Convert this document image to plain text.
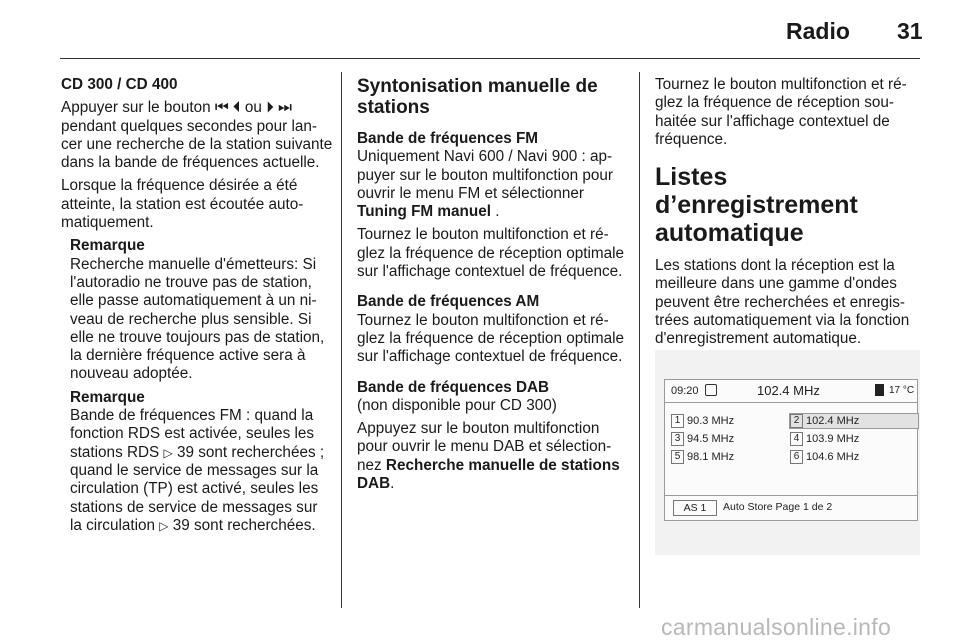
Radio 31

CD 300 / CD 400

Appuyer sur le bouton ⏮ ⏴ ou ⏵ ⏭ pendant quelques secondes pour lancer une recherche de la station suivante dans la bande de fréquences actuelle.

Lorsque la fréquence désirée a été atteinte, la station est écoutée automatiquement.

Remarque

Recherche manuelle d'émetteurs: Si l'autoradio ne trouve pas de station, elle passe automatiquement à un niveau de recherche plus sensible. Si elle ne trouve toujours pas de station, la dernière fréquence active sera à nouveau adoptée.

Remarque

Bande de fréquences FM : quand la fonction RDS est activée, seules les stations RDS ▷ 39 sont recherchées ; quand le service de messages sur la circulation (TP) est activé, seules les stations de service de messages sur la circulation ▷ 39 sont recherchées.

Syntonisation manuelle de stations
Bande de fréquences FM

Uniquement Navi 600 / Navi 900 : appuyer sur le bouton multifonction pour ouvrir le menu FM et sélectionner Tuning FM manuel .

Tournez le bouton multifonction et réglez la fréquence de réception optimale sur l'affichage contextuel de fréquence.

Bande de fréquences AM

Tournez le bouton multifonction et réglez la fréquence de réception optimale sur l'affichage contextuel de fréquence.

Bande de fréquences DAB

(non disponible pour CD 300)

Appuyez sur le bouton multifonction pour ouvrir le menu DAB et sélectionnez Recherche manuelle de stations DAB.

Tournez le bouton multifonction et réglez la fréquence de réception souhaitée sur l'affichage contextuel de fréquence.

Listes d’enregistrement automatique

Les stations dont la réception est la meilleure dans une gamme d'ondes peuvent être recherchées et enregistrées automatiquement via la fonction d'enregistrement automatique.

09:20	102.4 MHz	17 °C
1 90.3 MHz	2 102.4 MHz
3 94.5 MHz	4 103.9 MHz
5 98.1 MHz	6 104.6 MHz
AS 1	Auto Store Page 1 de 2
carmanualsonline.info
